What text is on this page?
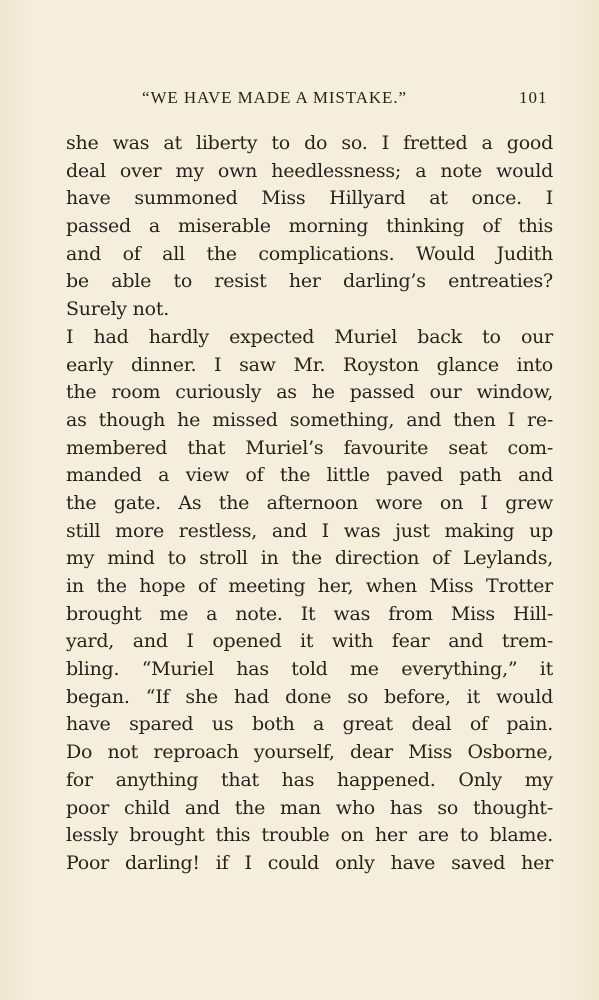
“WE HAVE MADE A MISTAKE.”	101
she was at liberty to do so. I fretted a good
deal over my own heedlessness; a note would
have summoned Miss Hillyard at once. I
passed a miserable morning thinking of this
and of all the complications. Would Judith
be able to resist her darling’s entreaties?
Surely not.
I had hardly expected Muriel back to our
early dinner. I saw Mr. Royston glance into
the room curiously as he passed our window,
as though he missed something, and then I re-
membered that Muriel’s favourite seat com-
manded a view of the little paved path and
the gate. As the afternoon wore on I grew
still more restless, and I was just making up
my mind to stroll in the direction of Leylands,
in the hope of meeting her, when Miss Trotter
brought me a note. It was from Miss Hill-
yard, and I opened it with fear and trem-
bling. “Muriel has told me everything,” it
began. “If she had done so before, it would
have spared us both a great deal of pain.
Do not reproach yourself, dear Miss Osborne,
for anything that has happened. Only my
poor child and the man who has so thought-
lessly brought this trouble on her are to blame.
Poor darling! if I could only have saved her
